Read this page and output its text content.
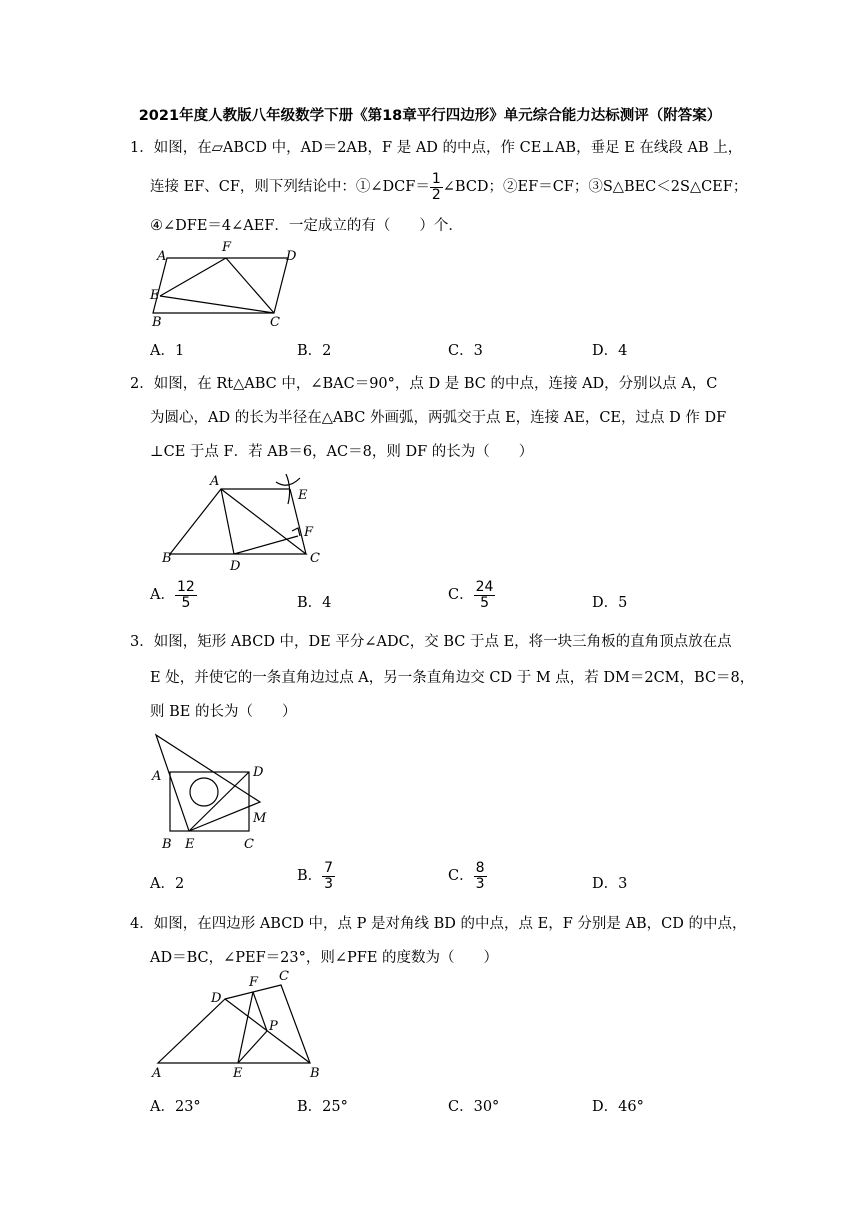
2021年度人教版八年级数学下册《第18章平行四边形》单元综合能力达标测评（附答案）
1．如图，在▱ABCD 中，AD＝2AB，F 是 AD 的中点，作 CE⊥AB，垂足 E 在线段 AB 上，
连接 EF、CF，则下列结论中：①∠DCF＝ $\frac{1}{2}$ ∠BCD；②EF＝CF；③S△BEC＜2S△CEF；
④∠DFE＝4∠AEF．一定成立的有（　　）个．
A
F
D
E
B	C
A．1	B．2	C．3	D．4
2．如图，在 Rt△ABC 中，∠BAC＝90°，点 D 是 BC 的中点，连接 AD，分别以点 A，C
为圆心，AD 的长为半径在△ABC 外画弧，两弧交于点 E，连接 AE，CE，过点 D 作 DF
⊥CE 于点 F．若 AB＝6，AC＝8，则 DF 的长为（　　）
A
E
F
B
D
C
A． $\frac{12}{5}$	B．4	C． $\frac{24}{5}$	D．5
3．如图，矩形 ABCD 中，DE 平分∠ADC，交 BC 于点 E，将一块三角板的直角顶点放在点
E 处，并使它的一条直角边过点 A，另一条直角边交 CD 于 M 点，若 DM＝2CM，BC＝8，
则 BE 的长为（　　）
A	D
M
B E	C
A．2	B． $\frac{7}{3}$	C． $\frac{8}{3}$	D．3
4．如图，在四边形 ABCD 中，点 P 是对角线 BD 的中点，点 E，F 分别是 AB，CD 的中点，
AD＝BC，∠PEF＝23°，则∠PFE 的度数为（　　）
F C
D
P
A	E	B
A．23°	B．25°	C．30°	D．46°
